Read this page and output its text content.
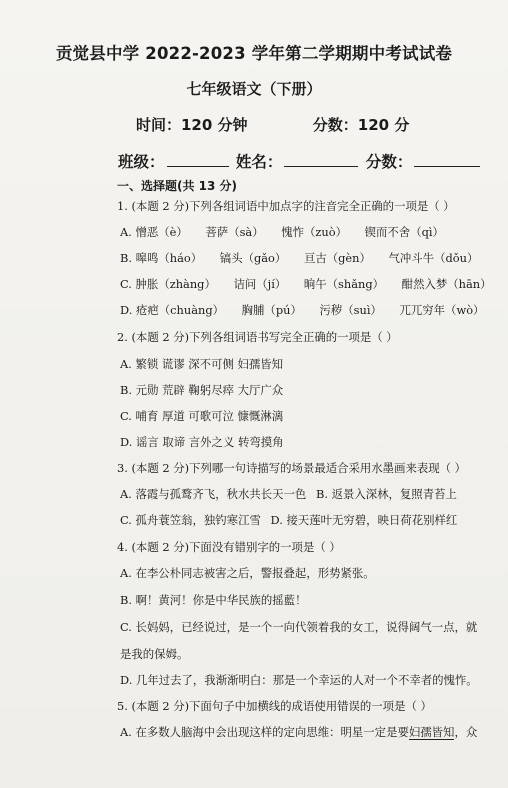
贡觉县中学 2022-2023 学年第二学期期中考试试卷
七年级语文（下册）
时间：120 分钟	分数：120 分
班级：	姓名：	分数：
一、选择题(共 13 分)
1. (本题 2 分)下列各组词语中加点字的注音完全正确的一项是（ ）
A. 憎恶（è） 菩萨（sà） 愧怍（zuò） 锲而不舍（qì）
B. 嗥鸣（háo） 镐头（gǎo） 亘古（gèn） 气冲斗牛（dǒu）
C. 肿胀（zhàng） 诘问（jí） 晌午（shǎng） 酣然入梦（hān）
D. 疮疤（chuàng） 胸脯（pú） 污秽（suì） 兀兀穷年（wò）
2. (本题 2 分)下列各组词语书写完全正确的一项是（ ）
A. 繁锁 谎谬 深不可侧 妇孺皆知
B. 元勋 荒辟 鞠躬尽瘁 大厅广众
C. 哺育 厚道 可歌可泣 慷慨淋漓
D. 谣言 取谛 言外之义 转弯摸角
3. (本题 2 分)下列哪一句诗描写的场景最适合采用水墨画来表现（ ）
A. 落霞与孤鹜齐飞，秋水共长天一色 B. 返景入深林，复照青苔上
C. 孤舟蓑笠翁，独钓寒江雪 D. 接天莲叶无穷碧，映日荷花别样红
4. (本题 2 分)下面没有错别字的一项是（ ）
A. 在李公朴同志被害之后，警报叠起，形势紧张。
B. 啊！黄河！你是中华民族的摇藍！
C. 长妈妈，已经说过，是一个一向代领着我的女工，说得阔气一点，就
是我的保姆。
D. 几年过去了，我渐渐明白：那是一个幸运的人对一个不幸者的愧怍。
5. (本题 2 分)下面句子中加横线的成语使用错误的一项是（ ）
A. 在多数人脑海中会出现这样的定向思维：明星一定是要妇孺皆知，众
